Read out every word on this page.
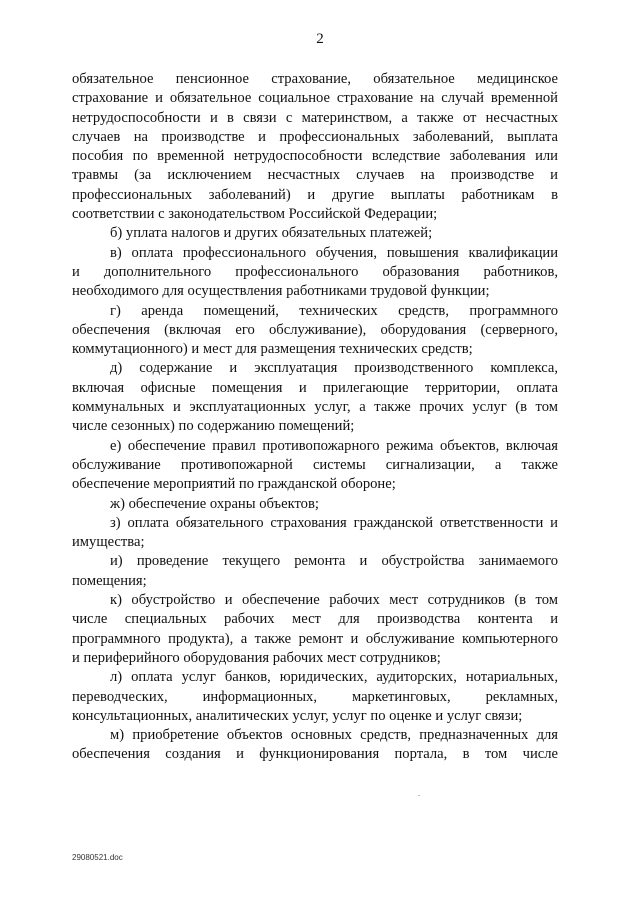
2
обязательное пенсионное страхование, обязательное медицинское
страхование и обязательное социальное страхование на случай временной
нетрудоспособности и в связи с материнством, а также от несчастных
случаев на производстве и профессиональных заболеваний, выплата
пособия по временной нетрудоспособности вследствие заболевания или
травмы (за исключением несчастных случаев на производстве и
профессиональных заболеваний) и другие выплаты работникам в
соответствии с законодательством Российской Федерации;
б) уплата налогов и других обязательных платежей;
в) оплата профессионального обучения, повышения квалификации
и дополнительного профессионального образования работников,
необходимого для осуществления работниками трудовой функции;
г) аренда помещений, технических средств, программного
обеспечения (включая его обслуживание), оборудования (серверного,
коммутационного) и мест для размещения технических средств;
д) содержание и эксплуатация производственного комплекса,
включая офисные помещения и прилегающие территории, оплата
коммунальных и эксплуатационных услуг, а также прочих услуг (в том
числе сезонных) по содержанию помещений;
е) обеспечение правил противопожарного режима объектов, включая
обслуживание противопожарной системы сигнализации, а также
обеспечение мероприятий по гражданской обороне;
ж) обеспечение охраны объектов;
з) оплата обязательного страхования гражданской ответственности и
имущества;
и) проведение текущего ремонта и обустройства занимаемого
помещения;
к) обустройство и обеспечение рабочих мест сотрудников (в том
числе специальных рабочих мест для производства контента и
программного продукта), а также ремонт и обслуживание компьютерного
и периферийного оборудования рабочих мест сотрудников;
л) оплата услуг банков, юридических, аудиторских, нотариальных,
переводческих, информационных, маркетинговых, рекламных,
консультационных, аналитических услуг, услуг по оценке и услуг связи;
м) приобретение объектов основных средств, предназначенных для
обеспечения создания и функционирования портала, в том числе
29080521.doc
